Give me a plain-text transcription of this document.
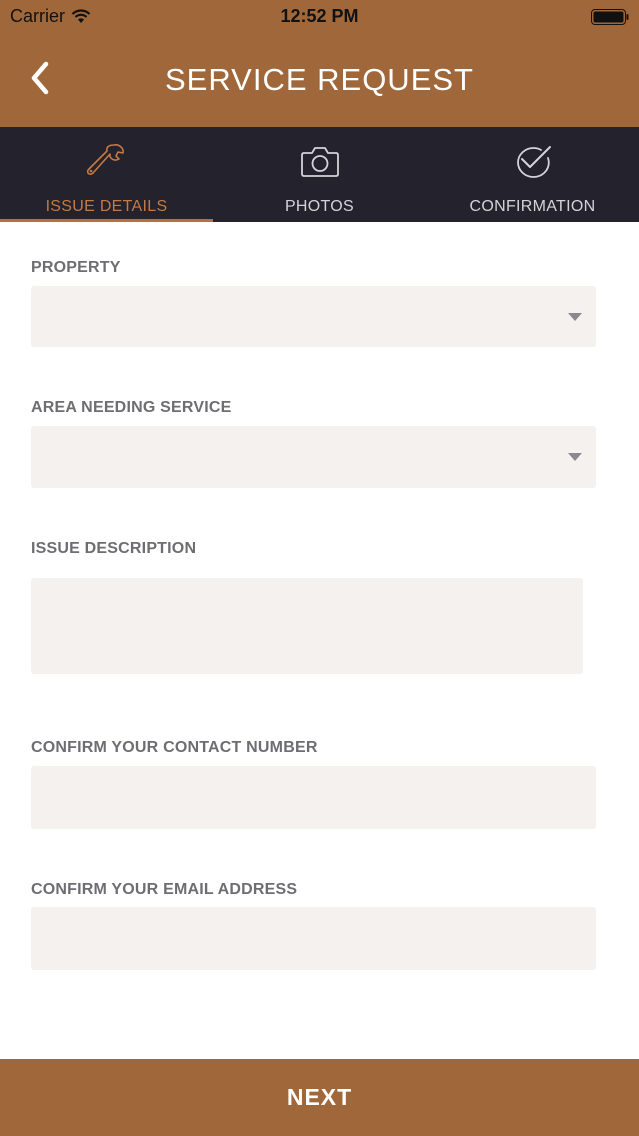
Carrier	12:52 PM
SERVICE REQUEST
ISSUE DETAILS	PHOTOS	CONFIRMATION
PROPERTY
AREA NEEDING SERVICE
ISSUE DESCRIPTION
CONFIRM YOUR CONTACT NUMBER
CONFIRM YOUR EMAIL ADDRESS
NEXT
